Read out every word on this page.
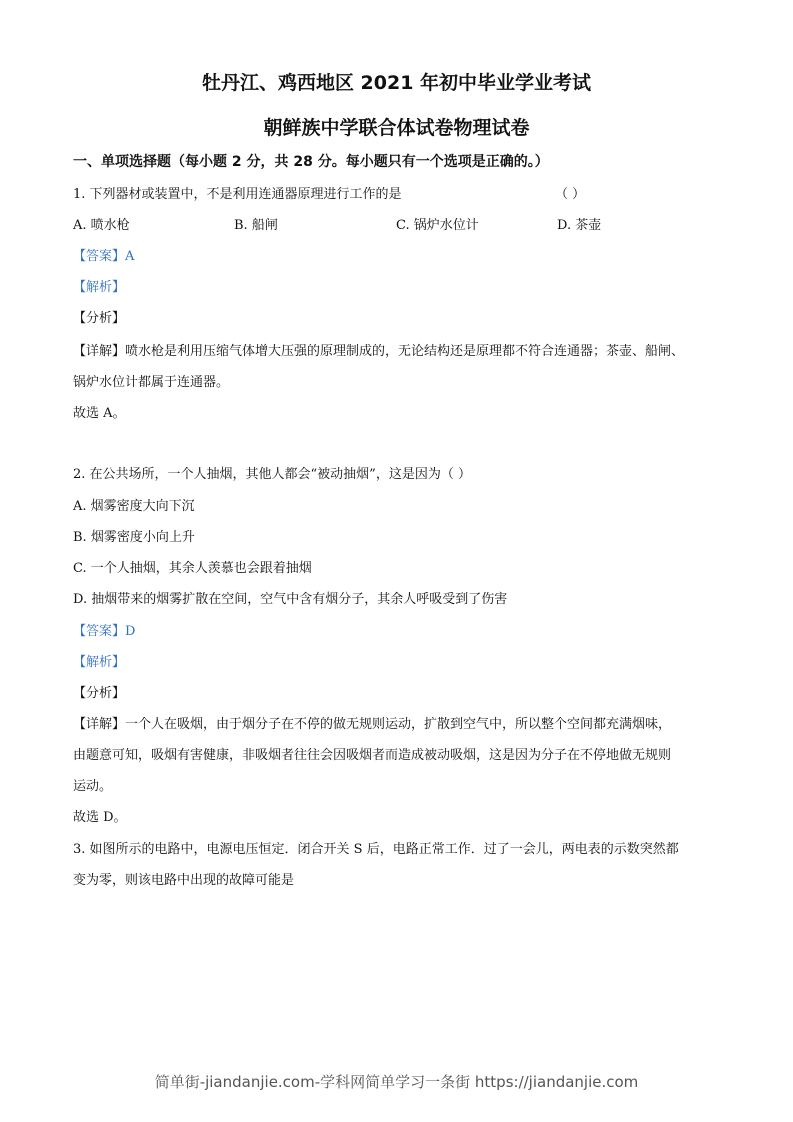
牡丹江、鸡西地区 2021 年初中毕业学业考试
朝鲜族中学联合体试卷物理试卷
一、单项选择题（每小题 2 分，共 28 分。每小题只有一个选项是正确的。）
1. 下列器材或装置中，不是利用连通器原理进行工作的是	（ ）
A. 喷水枪	B. 船闸	C. 锅炉水位计	D. 茶壶
【答案】A
【解析】
【分析】
【详解】喷水枪是利用压缩气体增大压强的原理制成的，无论结构还是原理都不符合连通器；茶壶、船闸、
锅炉水位计都属于连通器。
故选 A。
2. 在公共场所，一个人抽烟，其他人都会“被动抽烟”，这是因为（ ）
A. 烟雾密度大向下沉
B. 烟雾密度小向上升
C. 一个人抽烟，其余人羡慕也会跟着抽烟
D. 抽烟带来的烟雾扩散在空间，空气中含有烟分子，其余人呼吸受到了伤害
【答案】D
【解析】
【分析】
【详解】一个人在吸烟，由于烟分子在不停的做无规则运动，扩散到空气中，所以整个空间都充满烟味，
由题意可知，吸烟有害健康，非吸烟者往往会因吸烟者而造成被动吸烟，这是因为分子在不停地做无规则
运动。
故选 D。
3. 如图所示的电路中，电源电压恒定．闭合开关 S 后，电路正常工作．过了一会儿，两电表的示数突然都
变为零，则该电路中出现的故障可能是
简单街-jiandanjie.com-学科网简单学习一条街 https://jiandanjie.com
